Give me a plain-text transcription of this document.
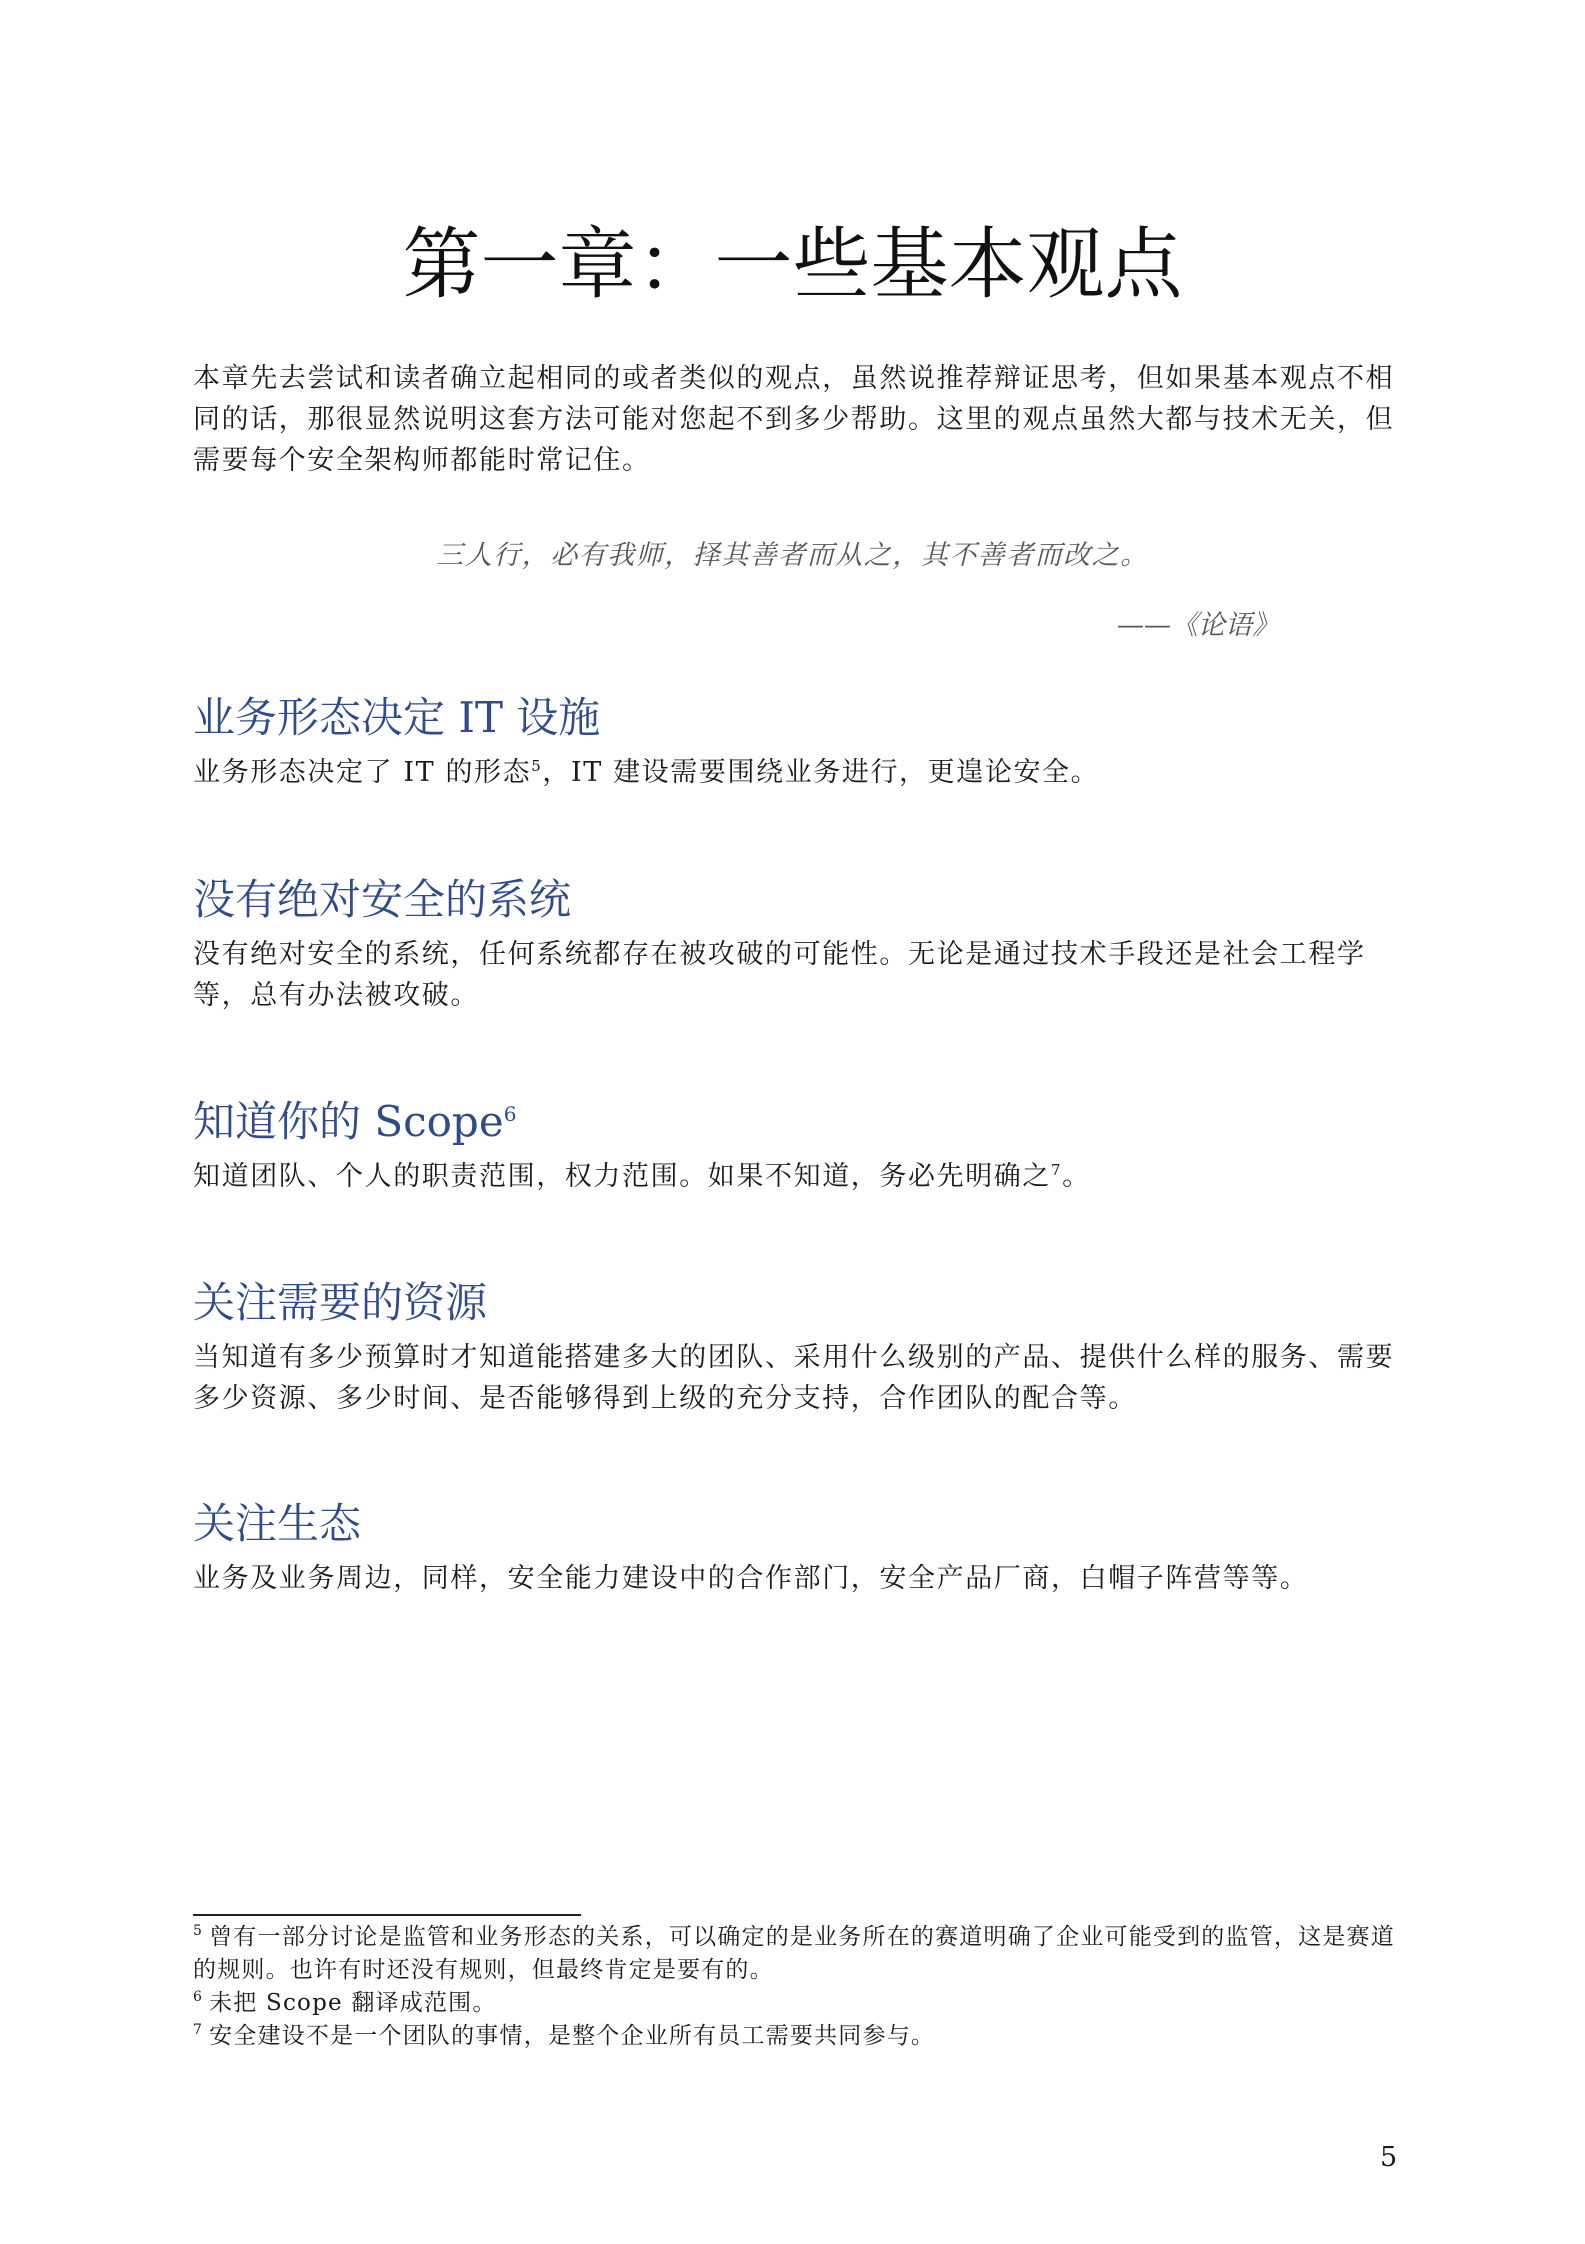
第一章：一些基本观点

本章先去尝试和读者确立起相同的或者类似的观点，虽然说推荐辩证思考，但如果基本观点不相同的话，那很显然说明这套方法可能对您起不到多少帮助。这里的观点虽然大都与技术无关，但需要每个安全架构师都能时常记住。

三人行，必有我师，择其善者而从之，其不善者而改之。

——《论语》

业务形态决定 IT 设施

业务形态决定了 IT 的形态$^5$，IT 建设需要围绕业务进行，更遑论安全。

没有绝对安全的系统

没有绝对安全的系统，任何系统都存在被攻破的可能性。无论是通过技术手段还是社会工程学等，总有办法被攻破。

知道你的 Scope$^6$

知道团队、个人的职责范围，权力范围。如果不知道，务必先明确之$^7$。

关注需要的资源

当知道有多少预算时才知道能搭建多大的团队、采用什么级别的产品、提供什么样的服务、需要多少资源、多少时间、是否能够得到上级的充分支持，合作团队的配合等。

关注生态

业务及业务周边，同样，安全能力建设中的合作部门，安全产品厂商，白帽子阵营等等。

$^5$ 曾有一部分讨论是监管和业务形态的关系，可以确定的是业务所在的赛道明确了企业可能受到的监管，这是赛道的规则。也许有时还没有规则，但最终肯定是要有的。

$^6$ 未把 Scope 翻译成范围。

$^7$ 安全建设不是一个团队的事情，是整个企业所有员工需要共同参与。

5
